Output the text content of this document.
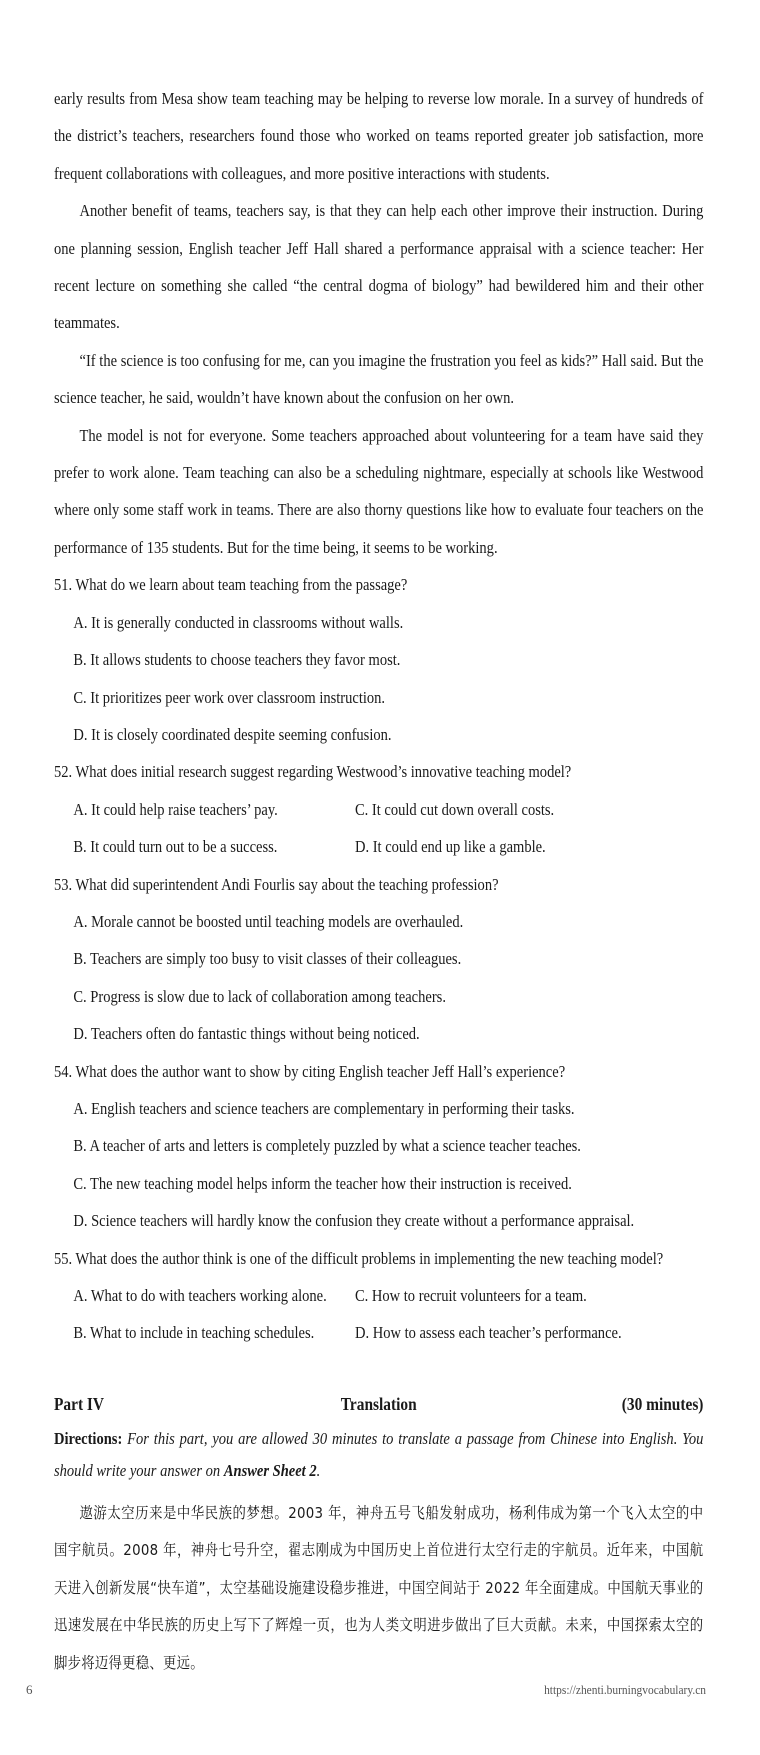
early results from Mesa show team teaching may be helping to reverse low morale. In a survey of hundreds of the district’s teachers, researchers found those who worked on teams reported greater job satisfaction, more frequent collaborations with colleagues, and more positive interactions with students.

Another benefit of teams, teachers say, is that they can help each other improve their instruction. During one planning session, English teacher Jeff Hall shared a performance appraisal with a science teacher: Her recent lecture on something she called “the central dogma of biology” had bewildered him and their other teammates.

“If the science is too confusing for me, can you imagine the frustration you feel as kids?” Hall said. But the science teacher, he said, wouldn’t have known about the confusion on her own.

The model is not for everyone. Some teachers approached about volunteering for a team have said they prefer to work alone. Team teaching can also be a scheduling nightmare, especially at schools like Westwood where only some staff work in teams. There are also thorny questions like how to evaluate four teachers on the performance of 135 students. But for the time being, it seems to be working.

51. What do we learn about team teaching from the passage?

A. It is generally conducted in classrooms without walls.

B. It allows students to choose teachers they favor most.

C. It prioritizes peer work over classroom instruction.

D. It is closely coordinated despite seeming confusion.

52. What does initial research suggest regarding Westwood’s innovative teaching model?

A. It could help raise teachers’ pay.	C. It could cut down overall costs.
B. It could turn out to be a success.	D. It could end up like a gamble.

53. What did superintendent Andi Fourlis say about the teaching profession?

A. Morale cannot be boosted until teaching models are overhauled.

B. Teachers are simply too busy to visit classes of their colleagues.

C. Progress is slow due to lack of collaboration among teachers.

D. Teachers often do fantastic things without being noticed.

54. What does the author want to show by citing English teacher Jeff Hall’s experience?

A. English teachers and science teachers are complementary in performing their tasks.

B. A teacher of arts and letters is completely puzzled by what a science teacher teaches.

C. The new teaching model helps inform the teacher how their instruction is received.

D. Science teachers will hardly know the confusion they create without a performance appraisal.

55. What does the author think is one of the difficult problems in implementing the new teaching model?

A. What to do with teachers working alone.	C. How to recruit volunteers for a team.
B. What to include in teaching schedules.	D. How to assess each teacher’s performance.
Part IV	Translation	(30 minutes)

Directions: For this part, you are allowed 30 minutes to translate a passage from Chinese into English. You should write your answer on Answer Sheet 2.

遨游太空历来是中华民族的梦想。2003 年，神舟五号飞船发射成功，杨利伟成为第一个飞入太空的中国宇航员。2008 年，神舟七号升空，翟志刚成为中国历史上首位进行太空行走的宇航员。近年来，中国航天进入创新发展“快车道”，太空基础设施建设稳步推进，中国空间站于 2022 年全面建成。中国航天事业的迅速发展在中华民族的历史上写下了辉煌一页，也为人类文明进步做出了巨大贡献。未来，中国探索太空的脚步将迈得更稳、更远。

6	https://zhenti.burningvocabulary.cn
